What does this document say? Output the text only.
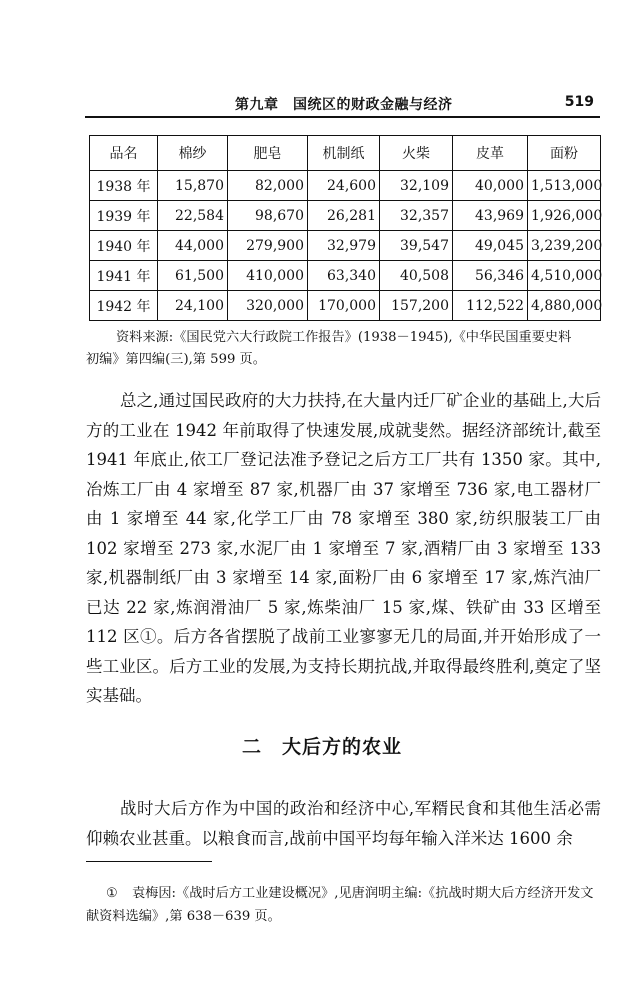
第九章　国统区的财政金融与经济	519
品名	棉纱	肥皂	机制纸	火柴	皮革	面粉
1938 年	15,870	82,000	24,600	32,109	40,000	1,513,000
1939 年	22,584	98,670	26,281	32,357	43,969	1,926,000
1940 年	44,000	279,900	32,979	39,547	49,045	3,239,200
1941 年	61,500	410,000	63,340	40,508	56,346	4,510,000
1942 年	24,100	320,000	170,000	157,200	112,522	4,880,000
资料来源:《国民党六大行政院工作报告》(1938－1945),《中华民国重要史料
初编》第四编(三),第 599 页。
总之,通过国民政府的大力扶持,在大量内迁厂矿企业的基础上,大后方的工业在 1942 年前取得了快速发展,成就斐然。据经济部统计,截至 1941 年底止,依工厂登记法准予登记之后方工厂共有 1350 家。其中,冶炼工厂由 4 家增至 87 家,机器厂由 37 家增至 736 家,电工器材厂由 1 家增至 44 家,化学工厂由 78 家增至 380 家,纺织服装工厂由 102 家增至 273 家,水泥厂由 1 家增至 7 家,酒精厂由 3 家增至 133 家,机器制纸厂由 3 家增至 14 家,面粉厂由 6 家增至 17 家,炼汽油厂已达 22 家,炼润滑油厂 5 家,炼柴油厂 15 家,煤、铁矿由 33 区增至 112 区①。后方各省摆脱了战前工业寥寥无几的局面,并开始形成了一些工业区。后方工业的发展,为支持长期抗战,并取得最终胜利,奠定了坚实基础。
二　大后方的农业
战时大后方作为中国的政治和经济中心,军糈民食和其他生活必需仰赖农业甚重。以粮食而言,战前中国平均每年输入洋米达 1600 余
① 袁梅因:《战时后方工业建设概况》,见唐润明主编:《抗战时期大后方经济开发文献资料选编》,第 638－639 页。
